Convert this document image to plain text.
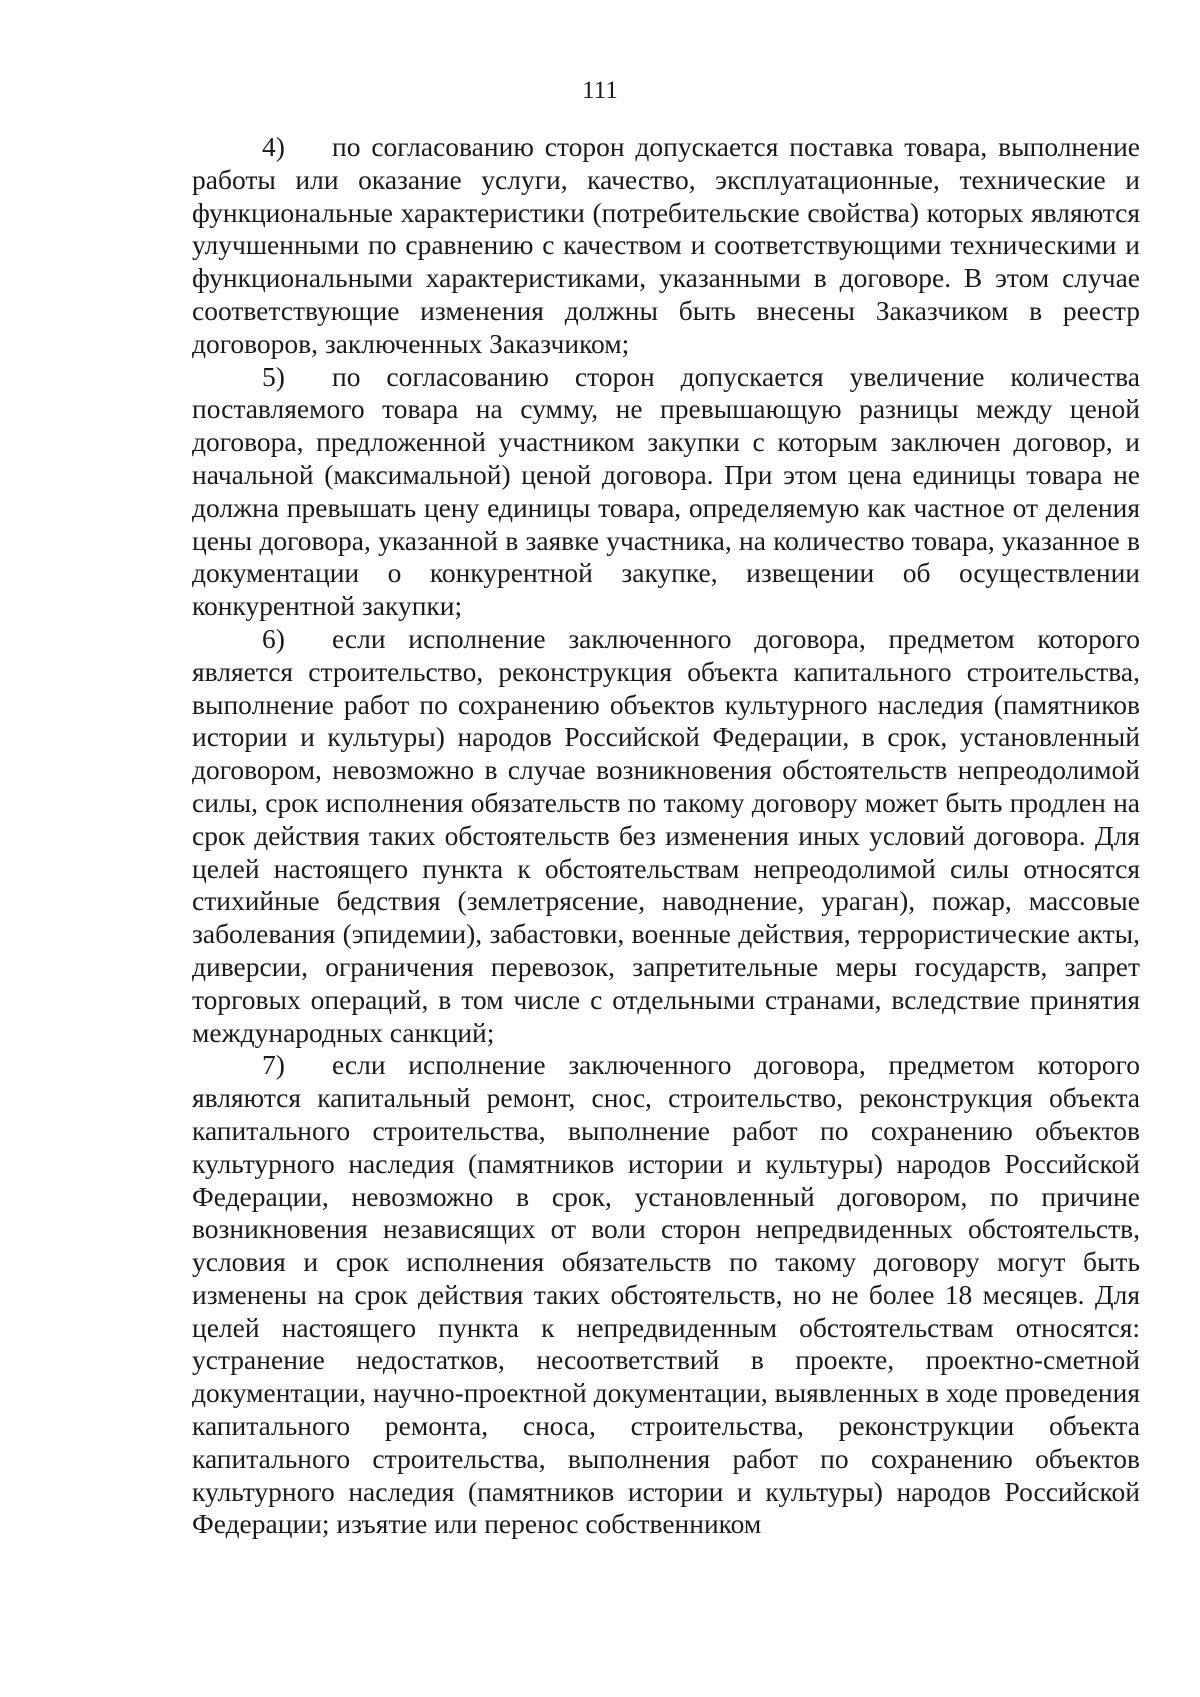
111

4) по согласованию сторон допускается поставка товара, выполнение работы или оказание услуги, качество, эксплуатационные, технические и функциональные характеристики (потребительские свойства) которых являются улучшенными по сравнению с качеством и соответствующими техническими и функциональными характеристиками, указанными в договоре. В этом случае соответствующие изменения должны быть внесены Заказчиком в реестр договоров, заключенных Заказчиком;

5) по согласованию сторон допускается увеличение количества поставляемого товара на сумму, не превышающую разницы между ценой договора, предложенной участником закупки с которым заключен договор, и начальной (максимальной) ценой договора. При этом цена единицы товара не должна превышать цену единицы товара, определяемую как частное от деления цены договора, указанной в заявке участника, на количество товара, указанное в документации о конкурентной закупке, извещении об осуществлении конкурентной закупки;

6) если исполнение заключенного договора, предметом которого является строительство, реконструкция объекта капитального строительства, выполнение работ по сохранению объектов культурного наследия (памятников истории и культуры) народов Российской Федерации, в срок, установленный договором, невозможно в случае возникновения обстоятельств непреодолимой силы, срок исполнения обязательств по такому договору может быть продлен на срок действия таких обстоятельств без изменения иных условий договора. Для целей настоящего пункта к обстоятельствам непреодолимой силы относятся стихийные бедствия (землетрясение, наводнение, ураган), пожар, массовые заболевания (эпидемии), забастовки, военные действия, террористические акты, диверсии, ограничения перевозок, запретительные меры государств, запрет торговых операций, в том числе с отдельными странами, вследствие принятия международных санкций;

7) если исполнение заключенного договора, предметом которого являются капитальный ремонт, снос, строительство, реконструкция объекта капитального строительства, выполнение работ по сохранению объектов культурного наследия (памятников истории и культуры) народов Российской Федерации, невозможно в срок, установленный договором, по причине возникновения независящих от воли сторон непредвиденных обстоятельств, условия и срок исполнения обязательств по такому договору могут быть изменены на срок действия таких обстоятельств, но не более 18 месяцев. Для целей настоящего пункта к непредвиденным обстоятельствам относятся: устранение недостатков, несоответствий в проекте, проектно-сметной документации, научно-проектной документации, выявленных в ходе проведения капитального ремонта, сноса, строительства, реконструкции объекта капитального строительства, выполнения работ по сохранению объектов культурного наследия (памятников истории и культуры) народов Российской Федерации; изъятие или перенос собственником
